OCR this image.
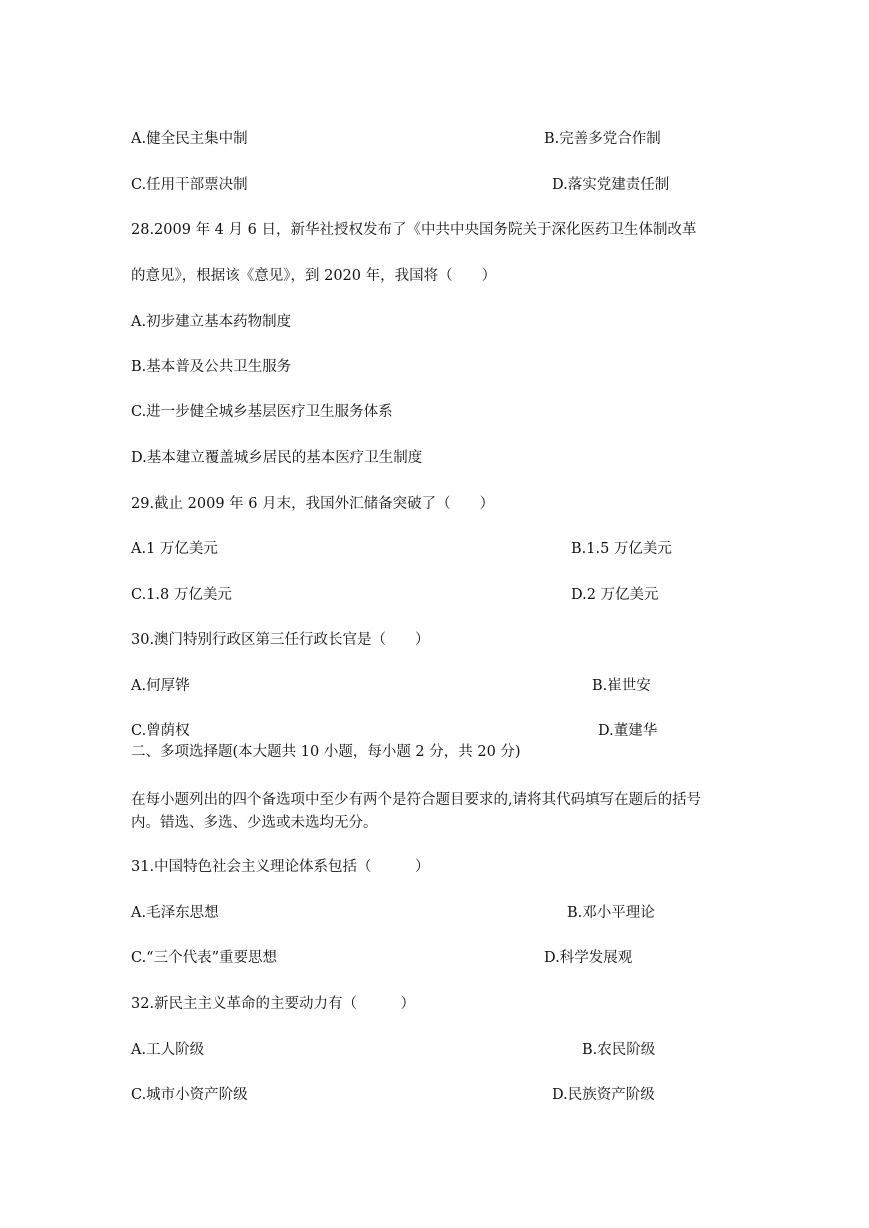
A.健全民主集中制	B.完善多党合作制

C.任用干部票决制	D.落实党建责任制

28.2009 年 4 月 6 日，新华社授权发布了《中共中央国务院关于深化医药卫生体制改革

的意见》，根据该《意见》，到 2020 年，我国将（　　）

A.初步建立基本药物制度

B.基本普及公共卫生服务

C.进一步健全城乡基层医疗卫生服务体系

D.基本建立覆盖城乡居民的基本医疗卫生制度

29.截止 2009 年 6 月末，我国外汇储备突破了（　　）

A.1 万亿美元	B.1.5 万亿美元

C.1.8 万亿美元	D.2 万亿美元

30.澳门特别行政区第三任行政长官是（　　）

A.何厚铧	B.崔世安

C.曾荫权	D.董建华

二、多项选择题(本大题共 10 小题，每小题 2 分，共 20 分)

在每小题列出的四个备选项中至少有两个是符合题目要求的,请将其代码填写在题后的括号

内。错选、多选、少选或未选均无分。

31.中国特色社会主义理论体系包括（　　　）

A.毛泽东思想	B.邓小平理论

C.“三个代表”重要思想	D.科学发展观

32.新民主主义革命的主要动力有（　　　）

A.工人阶级	B.农民阶级

C.城市小资产阶级	D.民族资产阶级
